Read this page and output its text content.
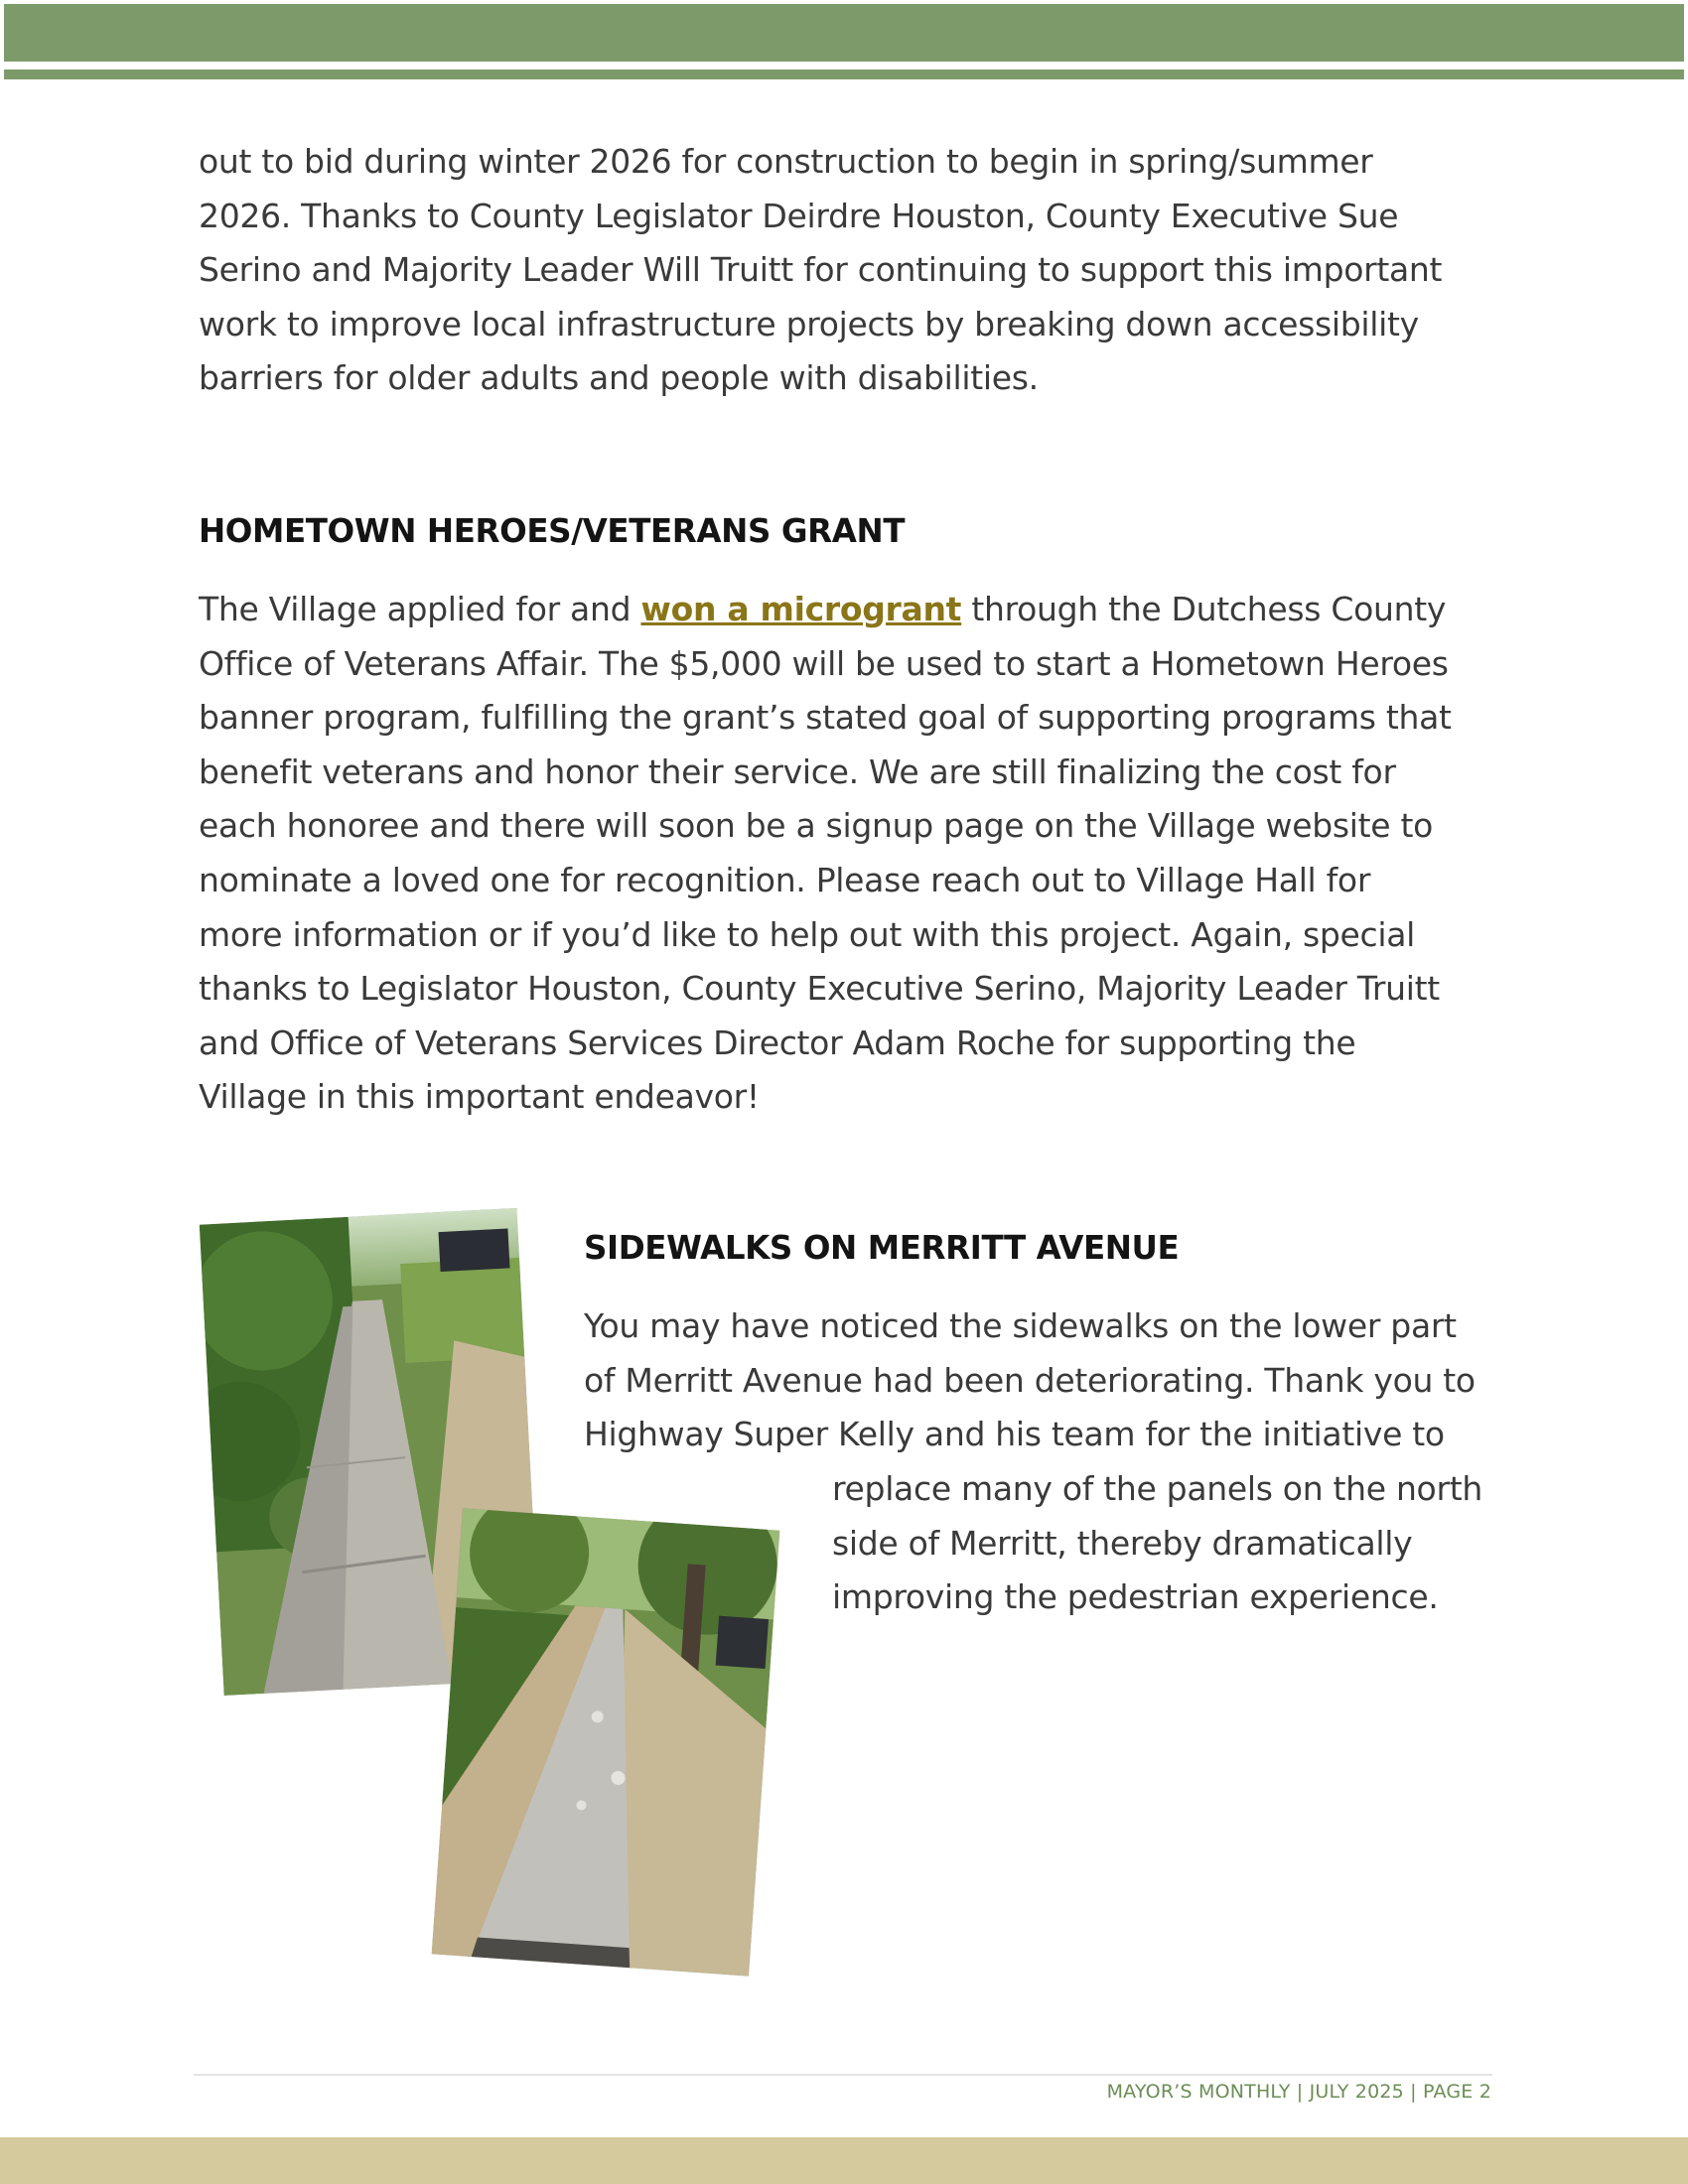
out to bid during winter 2026 for construction to begin in spring/summer
2026. Thanks to County Legislator Deirdre Houston, County Executive Sue
Serino and Majority Leader Will Truitt for continuing to support this important
work to improve local infrastructure projects by breaking down accessibility
barriers for older adults and people with disabilities.

HOMETOWN HEROES/VETERANS GRANT

The Village applied for and won a microgrant through the Dutchess County
Office of Veterans Affair. The $5,000 will be used to start a Hometown Heroes
banner program, fulfilling the grant’s stated goal of supporting programs that
benefit veterans and honor their service. We are still finalizing the cost for
each honoree and there will soon be a signup page on the Village website to
nominate a loved one for recognition. Please reach out to Village Hall for
more information or if you’d like to help out with this project. Again, special
thanks to Legislator Houston, County Executive Serino, Majority Leader Truitt
and Office of Veterans Services Director Adam Roche for supporting the
Village in this important endeavor!

SIDEWALKS ON MERRITT AVENUE

You may have noticed the sidewalks on the lower part
of Merritt Avenue had been deteriorating. Thank you to
Highway Super Kelly and his team for the initiative to

replace many of the panels on the north
side of Merritt, thereby dramatically
improving the pedestrian experience.

MAYOR’S MONTHLY | JULY 2025 | PAGE 2
